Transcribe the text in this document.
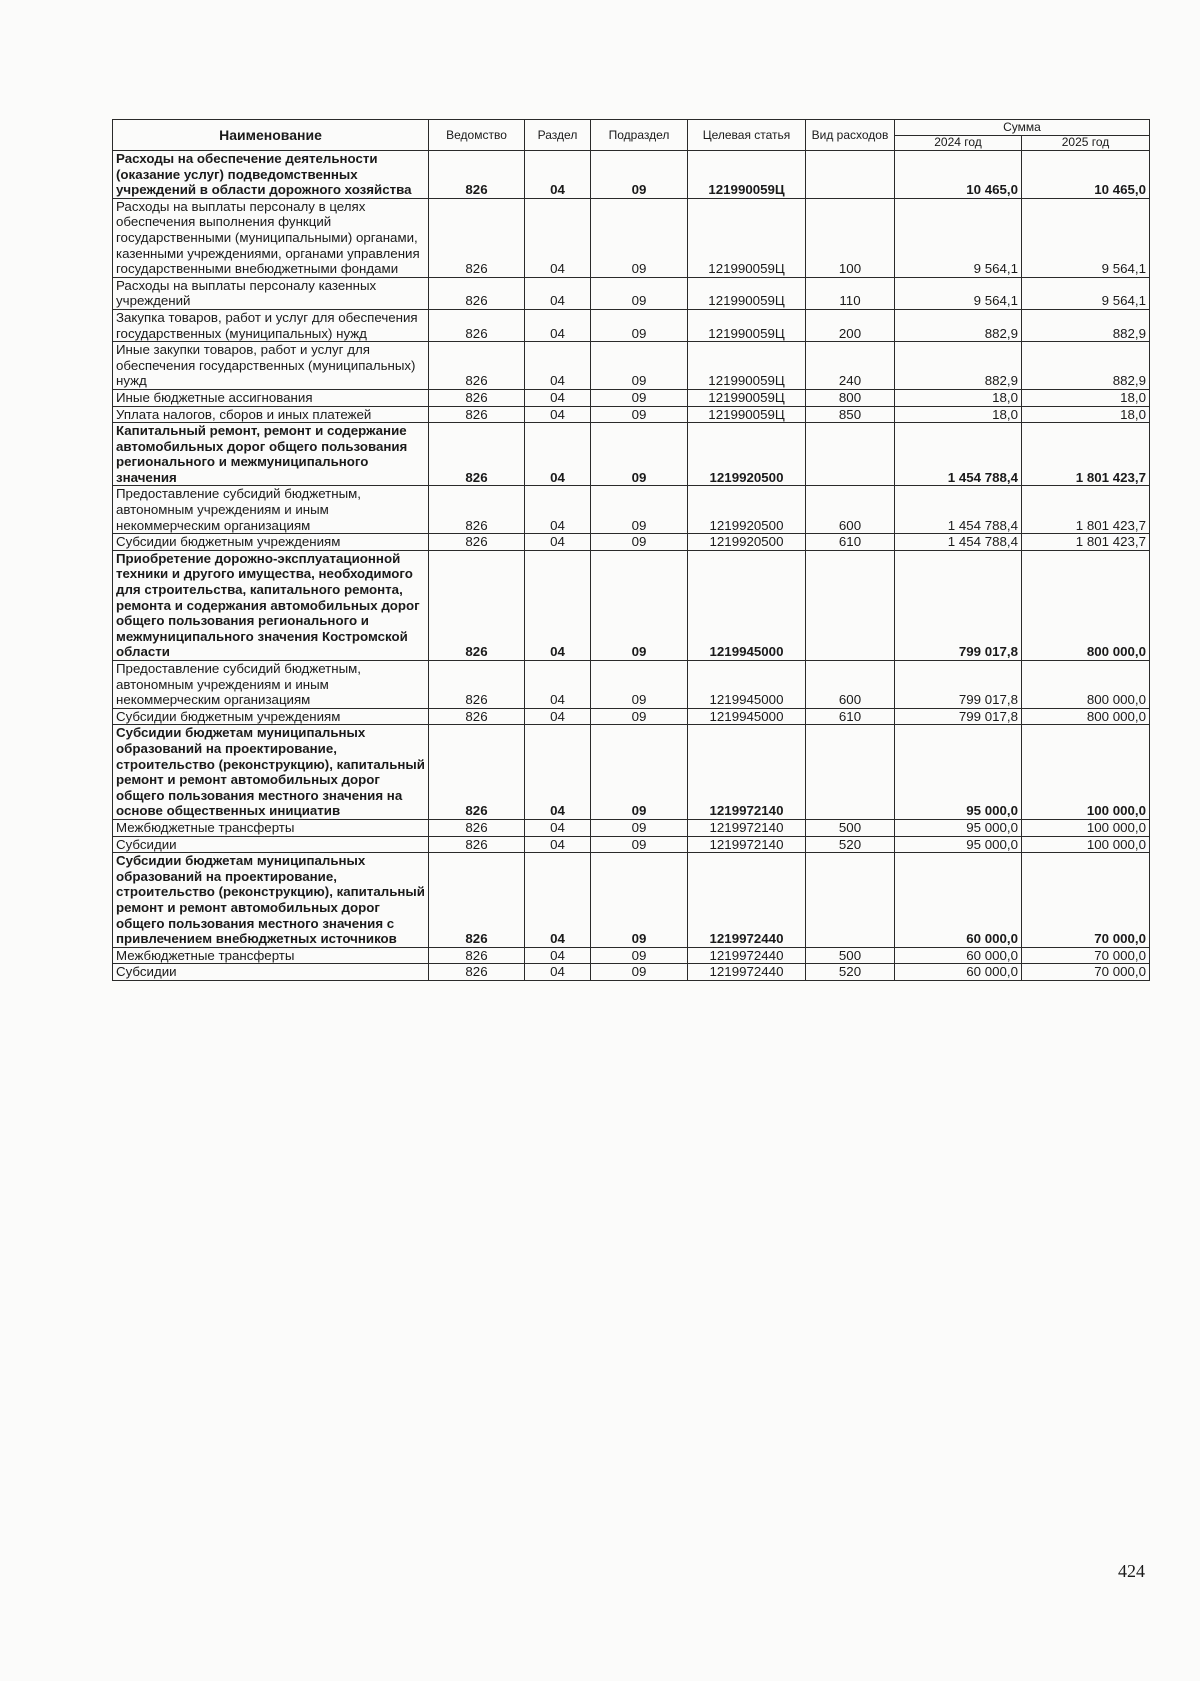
Наименование	Ведомство	Раздел	Подраздел	Целевая статья	Вид расходов	Сумма	
						2024 год	2025 год
Расходы на обеспечение деятельности (оказание услуг) подведомственных учреждений в области дорожного хозяйства	826	04	09	121990059Ц		10 465,0	10 465,0
Расходы на выплаты персоналу в целях обеспечения выполнения функций государственными (муниципальными) органами, казенными учреждениями, органами управления государственными внебюджетными фондами	826	04	09	121990059Ц	100	9 564,1	9 564,1
Расходы на выплаты персоналу казенных учреждений	826	04	09	121990059Ц	110	9 564,1	9 564,1
Закупка товаров, работ и услуг для обеспечения государственных (муниципальных) нужд	826	04	09	121990059Ц	200	882,9	882,9
Иные закупки товаров, работ и услуг для обеспечения государственных (муниципальных) нужд	826	04	09	121990059Ц	240	882,9	882,9
Иные бюджетные ассигнования	826	04	09	121990059Ц	800	18,0	18,0
Уплата налогов, сборов и иных платежей	826	04	09	121990059Ц	850	18,0	18,0
Капитальный ремонт, ремонт и содержание автомобильных дорог общего пользования регионального и межмуниципального значения	826	04	09	1219920500		1 454 788,4	1 801 423,7
Предоставление субсидий бюджетным, автономным учреждениям и иным некоммерческим организациям	826	04	09	1219920500	600	1 454 788,4	1 801 423,7
Субсидии бюджетным учреждениям	826	04	09	1219920500	610	1 454 788,4	1 801 423,7
Приобретение дорожно-эксплуатационной техники и другого имущества, необходимого для строительства, капитального ремонта, ремонта и содержания автомобильных дорог общего пользования регионального и межмуниципального значения Костромской области	826	04	09	1219945000		799 017,8	800 000,0
Предоставление субсидий бюджетным, автономным учреждениям и иным некоммерческим организациям	826	04	09	1219945000	600	799 017,8	800 000,0
Субсидии бюджетным учреждениям	826	04	09	1219945000	610	799 017,8	800 000,0
Субсидии бюджетам муниципальных образований на проектирование, строительство (реконструкцию), капитальный ремонт и ремонт автомобильных дорог общего пользования местного значения на основе общественных инициатив	826	04	09	1219972140		95 000,0	100 000,0
Межбюджетные трансферты	826	04	09	1219972140	500	95 000,0	100 000,0
Субсидии	826	04	09	1219972140	520	95 000,0	100 000,0
Субсидии бюджетам муниципальных образований на проектирование, строительство (реконструкцию), капитальный ремонт и ремонт автомобильных дорог общего пользования местного значения с привлечением внебюджетных источников	826	04	09	1219972440		60 000,0	70 000,0
Межбюджетные трансферты	826	04	09	1219972440	500	60 000,0	70 000,0
Субсидии	826	04	09	1219972440	520	60 000,0	70 000,0
424
